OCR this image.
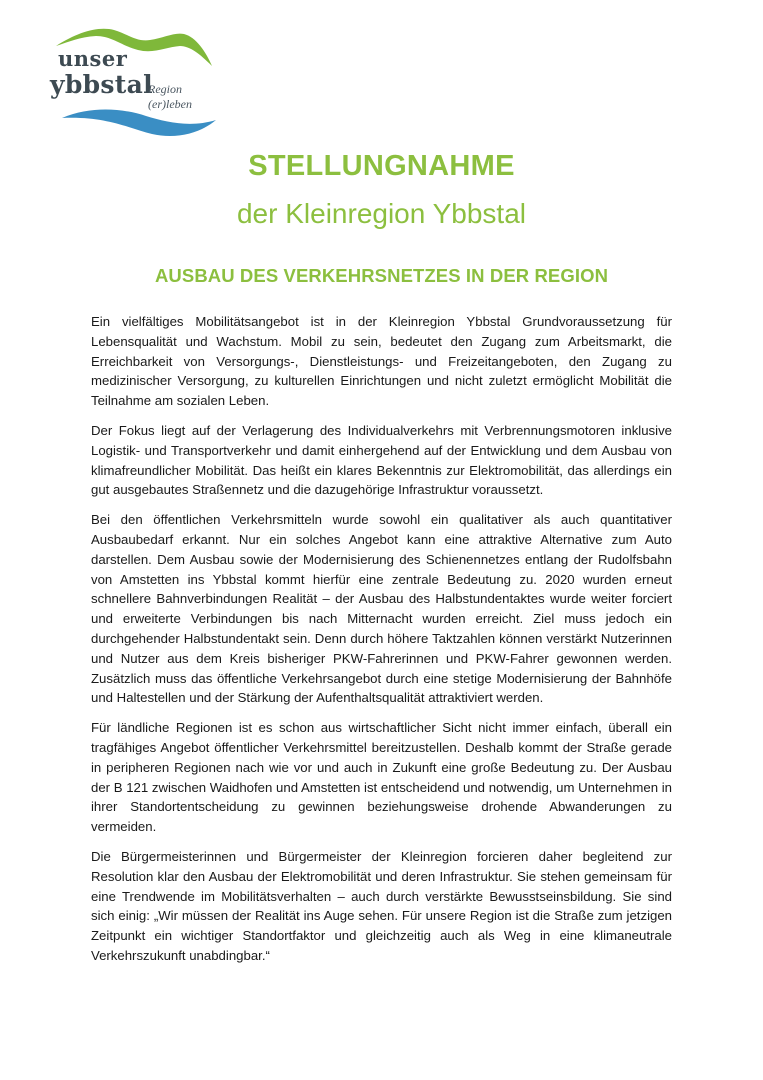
unser
ybbstal
Region
(er)leben
STELLUNGNAHME
der Kleinregion Ybbstal
AUSBAU DES VERKEHRSNETZES IN DER REGION

Ein vielfältiges Mobilitätsangebot ist in der Kleinregion Ybbstal Grundvoraussetzung für Lebensqualität und Wachstum. Mobil zu sein, bedeutet den Zugang zum Arbeitsmarkt, die Erreichbarkeit von Versorgungs-, Dienstleistungs- und Freizeitangeboten, den Zugang zu medizinischer Versorgung, zu kulturellen Einrichtungen und nicht zuletzt ermöglicht Mobilität die Teilnahme am sozialen Leben.

Der Fokus liegt auf der Verlagerung des Individualverkehrs mit Verbrennungsmotoren inklusive Logistik- und Transportverkehr und damit einhergehend auf der Entwicklung und dem Ausbau von klimafreundlicher Mobilität. Das heißt ein klares Bekenntnis zur Elektromobilität, das allerdings ein gut ausgebautes Straßennetz und die dazugehörige Infrastruktur voraussetzt.

Bei den öffentlichen Verkehrsmitteln wurde sowohl ein qualitativer als auch quantitativer Ausbaubedarf erkannt. Nur ein solches Angebot kann eine attraktive Alternative zum Auto darstellen. Dem Ausbau sowie der Modernisierung des Schienennetzes entlang der Rudolfsbahn von Amstetten ins Ybbstal kommt hierfür eine zentrale Bedeutung zu. 2020 wurden erneut schnellere Bahnverbindungen Realität – der Ausbau des Halbstundentaktes wurde weiter forciert und erweiterte Verbindungen bis nach Mitternacht wurden erreicht. Ziel muss jedoch ein durchgehender Halbstundentakt sein. Denn durch höhere Taktzahlen können verstärkt Nutzerinnen und Nutzer aus dem Kreis bisheriger PKW-Fahrerinnen und PKW-Fahrer gewonnen werden. Zusätzlich muss das öffentliche Verkehrsangebot durch eine stetige Modernisierung der Bahnhöfe und Haltestellen und der Stärkung der Aufenthaltsqualität attraktiviert werden.

Für ländliche Regionen ist es schon aus wirtschaftlicher Sicht nicht immer einfach, überall ein tragfähiges Angebot öffentlicher Verkehrsmittel bereitzustellen. Deshalb kommt der Straße gerade in peripheren Regionen nach wie vor und auch in Zukunft eine große Bedeutung zu. Der Ausbau der B 121 zwischen Waidhofen und Amstetten ist entscheidend und notwendig, um Unternehmen in ihrer Standortentscheidung zu gewinnen beziehungsweise drohende Abwanderungen zu vermeiden.

Die Bürgermeisterinnen und Bürgermeister der Kleinregion forcieren daher begleitend zur Resolution klar den Ausbau der Elektromobilität und deren Infrastruktur. Sie stehen gemeinsam für eine Trendwende im Mobilitätsverhalten – auch durch verstärkte Bewusstseinsbildung. Sie sind sich einig: „Wir müssen der Realität ins Auge sehen. Für unsere Region ist die Straße zum jetzigen Zeitpunkt ein wichtiger Standortfaktor und gleichzeitig auch als Weg in eine klimaneutrale Verkehrszukunft unabdingbar.“
